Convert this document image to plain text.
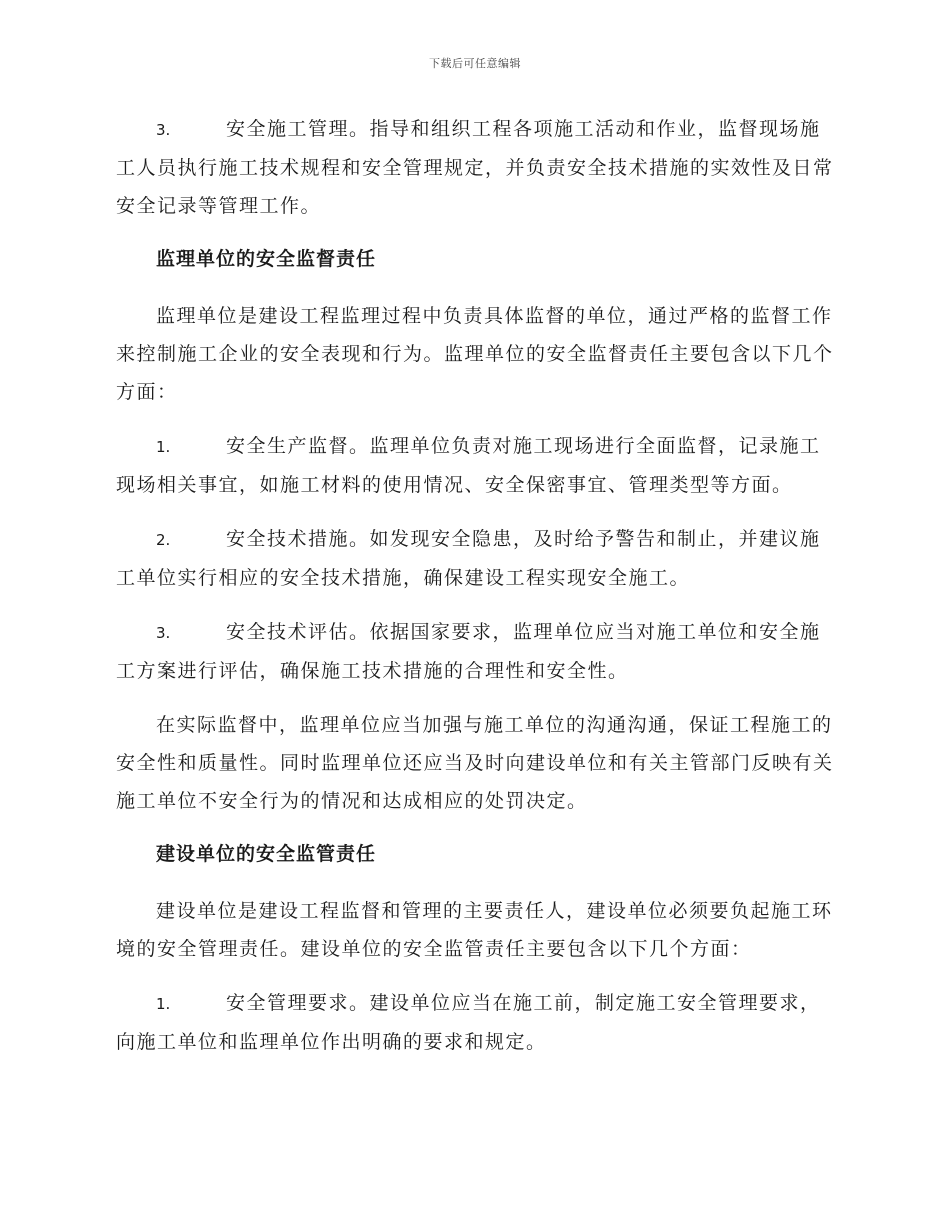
下载后可任意编辑
3.	安全施工管理。指导和组织工程各项施工活动和作业，监督现场施工人员执行施工技术规程和安全管理规定，并负责安全技术措施的实效性及日常安全记录等管理工作。
监理单位的安全监督责任

监理单位是建设工程监理过程中负责具体监督的单位，通过严格的监督工作来控制施工企业的安全表现和行为。监理单位的安全监督责任主要包含以下几个方面：

1.	安全生产监督。监理单位负责对施工现场进行全面监督，记录施工现场相关事宜，如施工材料的使用情况、安全保密事宜、管理类型等方面。
2.	安全技术措施。如发现安全隐患，及时给予警告和制止，并建议施工单位实行相应的安全技术措施，确保建设工程实现安全施工。
3.	安全技术评估。依据国家要求，监理单位应当对施工单位和安全施工方案进行评估，确保施工技术措施的合理性和安全性。

在实际监督中，监理单位应当加强与施工单位的沟通沟通，保证工程施工的安全性和质量性。同时监理单位还应当及时向建设单位和有关主管部门反映有关施工单位不安全行为的情况和达成相应的处罚决定。

建设单位的安全监管责任

建设单位是建设工程监督和管理的主要责任人，建设单位必须要负起施工环境的安全管理责任。建设单位的安全监管责任主要包含以下几个方面：

1.	安全管理要求。建设单位应当在施工前，制定施工安全管理要求，向施工单位和监理单位作出明确的要求和规定。
